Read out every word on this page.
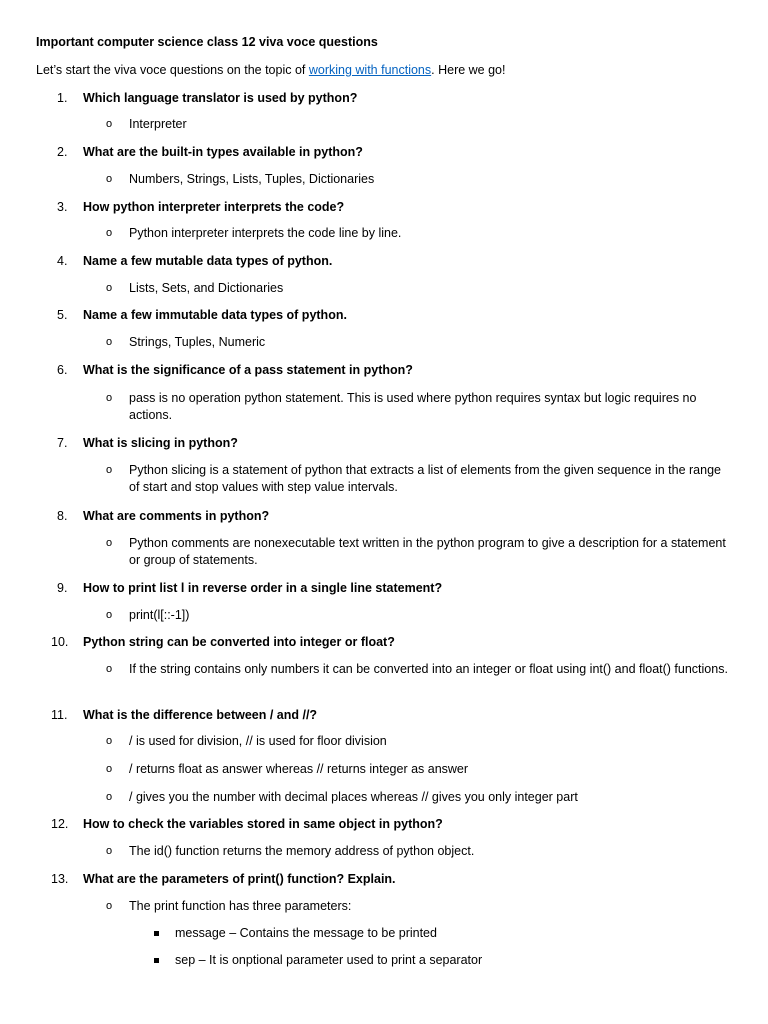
Important computer science class 12 viva voce questions
Let’s start the viva voce questions on the topic of working with functions. Here we go!
1. Which language translator is used by python?
o Interpreter
2. What are the built-in types available in python?
o Numbers, Strings, Lists, Tuples, Dictionaries
3. How python interpreter interprets the code?
o Python interpreter interprets the code line by line.
4. Name a few mutable data types of python.
o Lists, Sets, and Dictionaries
5. Name a few immutable data types of python.
o Strings, Tuples, Numeric
6. What is the significance of a pass statement in python?
o pass is no operation python statement. This is used where python requires syntax but logic requires no actions.
7. What is slicing in python?
o Python slicing is a statement of python that extracts a list of elements from the given sequence in the range of start and stop values with step value intervals.
8. What are comments in python?
o Python comments are nonexecutable text written in the python program to give a description for a statement or group of statements.
9. How to print list l in reverse order in a single line statement?
o print(l[::-1])
10. Python string can be converted into integer or float?
o If the string contains only numbers it can be converted into an integer or float using int() and float() functions.
11. What is the difference between / and //?
o / is used for division, // is used for floor division
o / returns float as answer whereas // returns integer as answer
o / gives you the number with decimal places whereas // gives you only integer part
12. How to check the variables stored in same object in python?
o The id() function returns the memory address of python object.
13. What are the parameters of print() function? Explain.
o The print function has three parameters:
message – Contains the message to be printed
sep – It is onptional parameter used to print a separator
